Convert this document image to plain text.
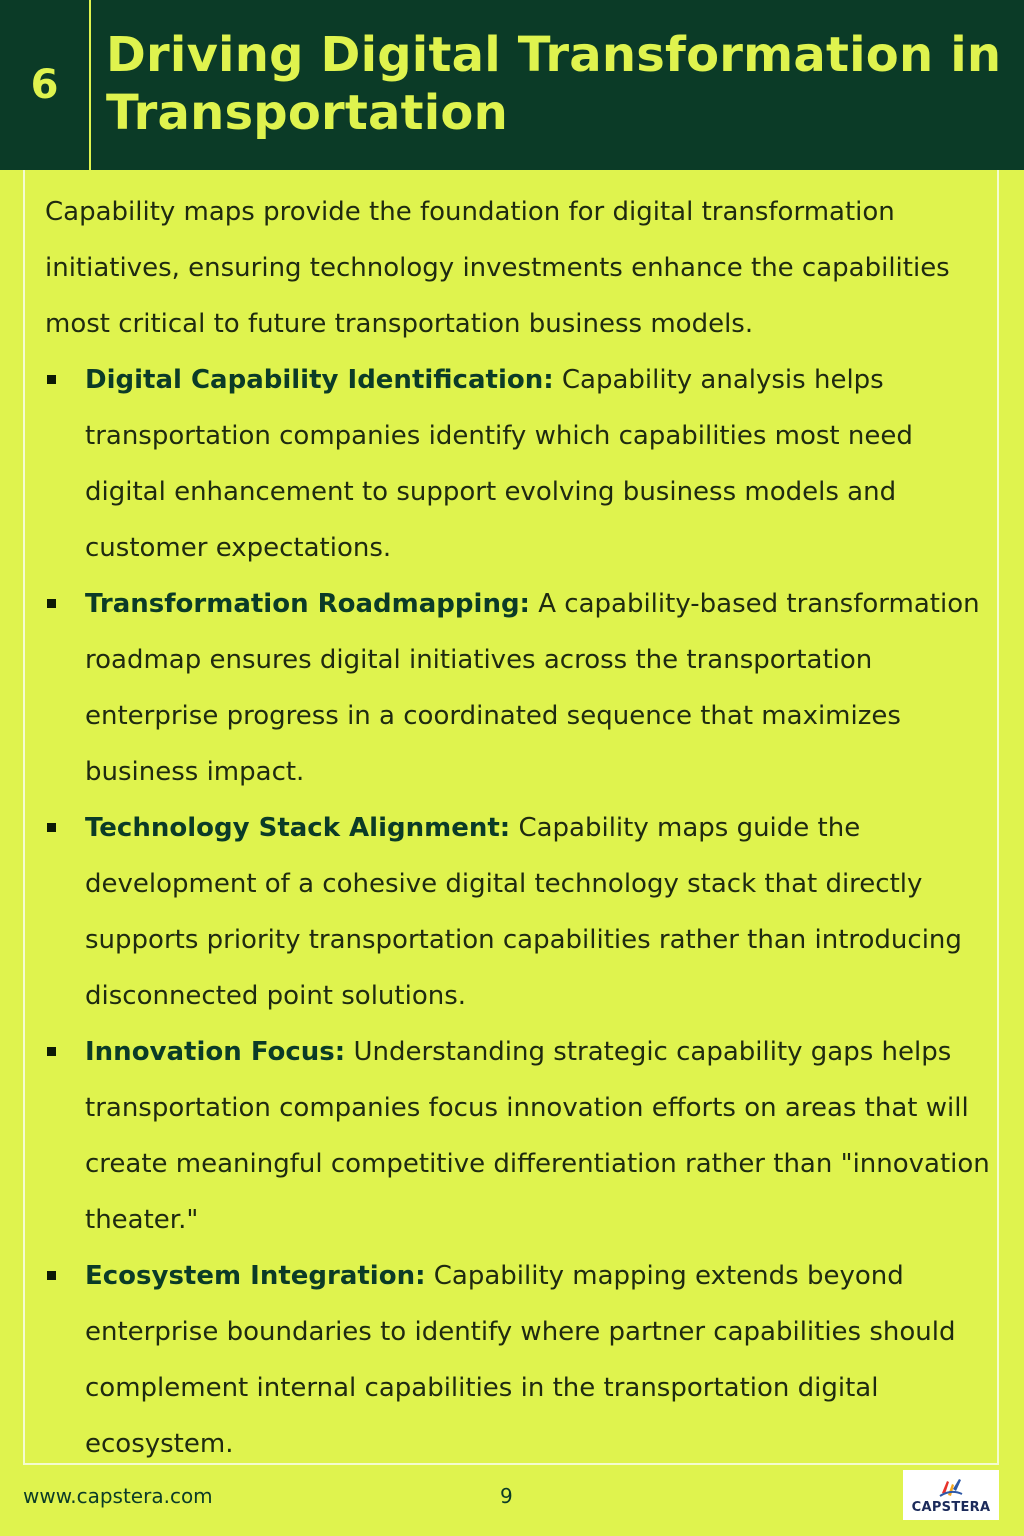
6
Driving Digital Transformation in Transportation

Capability maps provide the foundation for digital transformation initiatives, ensuring technology investments enhance the capabilities most critical to future transportation business models.

Digital Capability Identification: Capability analysis helps transportation companies identify which capabilities most need digital enhancement to support evolving business models and customer expectations.
Transformation Roadmapping: A capability-based transformation roadmap ensures digital initiatives across the transportation enterprise progress in a coordinated sequence that maximizes business impact.
Technology Stack Alignment: Capability maps guide the development of a cohesive digital technology stack that directly supports priority transportation capabilities rather than introducing disconnected point solutions.
Innovation Focus: Understanding strategic capability gaps helps transportation companies focus innovation efforts on areas that will create meaningful competitive differentiation rather than "innovation theater."
Ecosystem Integration: Capability mapping extends beyond enterprise boundaries to identify where partner capabilities should complement internal capabilities in the transportation digital ecosystem.
www.capstera.com	9	CAPSTERA
